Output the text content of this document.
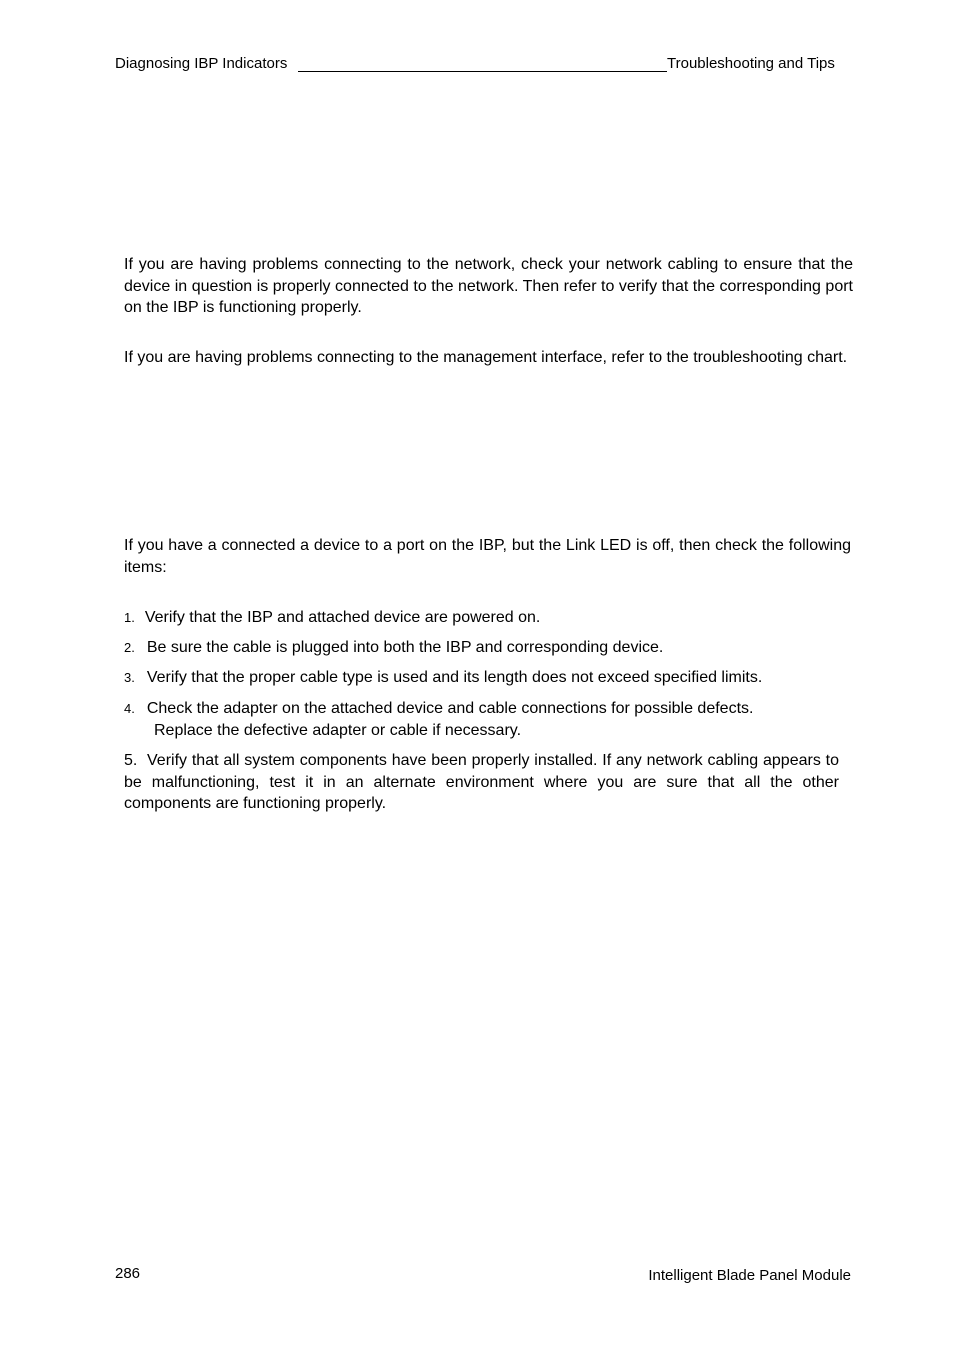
Diagnosing IBP Indicators	Troubleshooting and Tips

If you are having problems connecting to the network, check your network cabling to ensure that the device in question is properly connected to the network. Then refer to verify that the corresponding port on the IBP is functioning properly.

If you are having problems connecting to the management interface, refer to the troubleshooting chart.

If you have a connected a device to a port on the IBP, but the Link LED is off, then check the following items:

1. Verify that the IBP and attached device are powered on.
2. Be sure the cable is plugged into both the IBP and corresponding device.
3. Verify that the proper cable type is used and its length does not exceed specified limits.
4. Check the adapter on the attached device and cable connections for possible defects.
Replace the defective adapter or cable if necessary.

5. Verify that all system components have been properly installed. If any network cabling appears to be malfunctioning, test it in an alternate environment where you are sure that all the other components are functioning properly.

286	Intelligent Blade Panel Module
